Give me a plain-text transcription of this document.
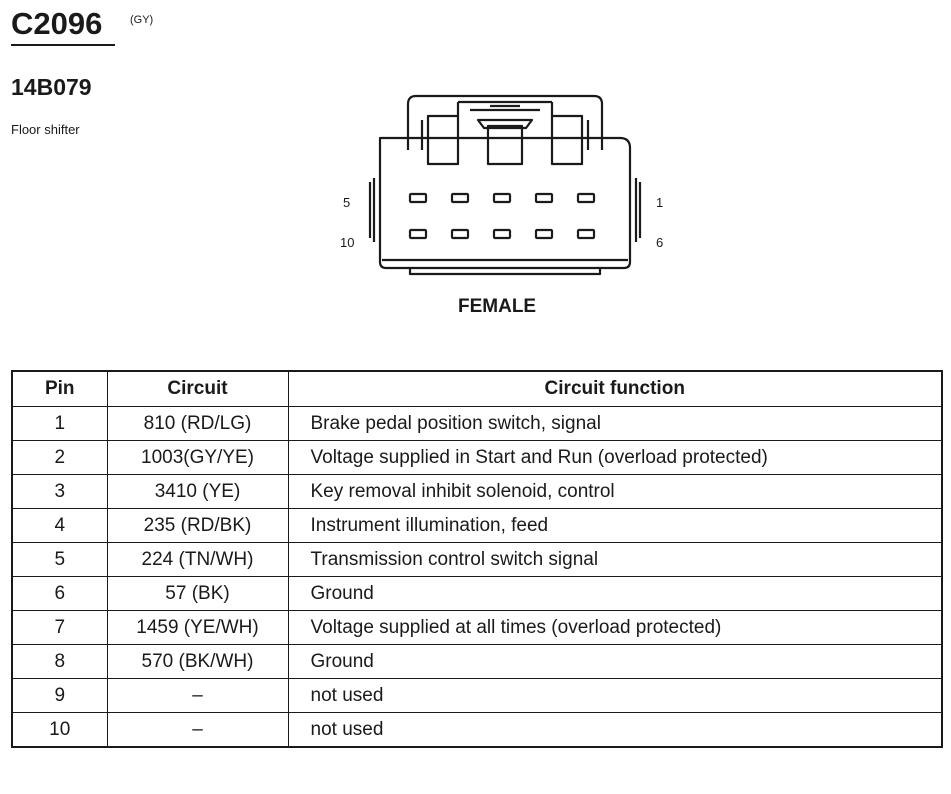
C2096	(GY)
14B079
Floor shifter
5	1
10	6
FEMALE
Pin	Circuit	Circuit function
1	810 (RD/LG)	Brake pedal position switch, signal
2	1003(GY/YE)	Voltage supplied in Start and Run (overload protected)
3	3410 (YE)	Key removal inhibit solenoid, control
4	235 (RD/BK)	Instrument illumination, feed
5	224 (TN/WH)	Transmission control switch signal
6	57 (BK)	Ground
7	1459 (YE/WH)	Voltage supplied at all times (overload protected)
8	570 (BK/WH)	Ground
9	–	not used
10	–	not used
